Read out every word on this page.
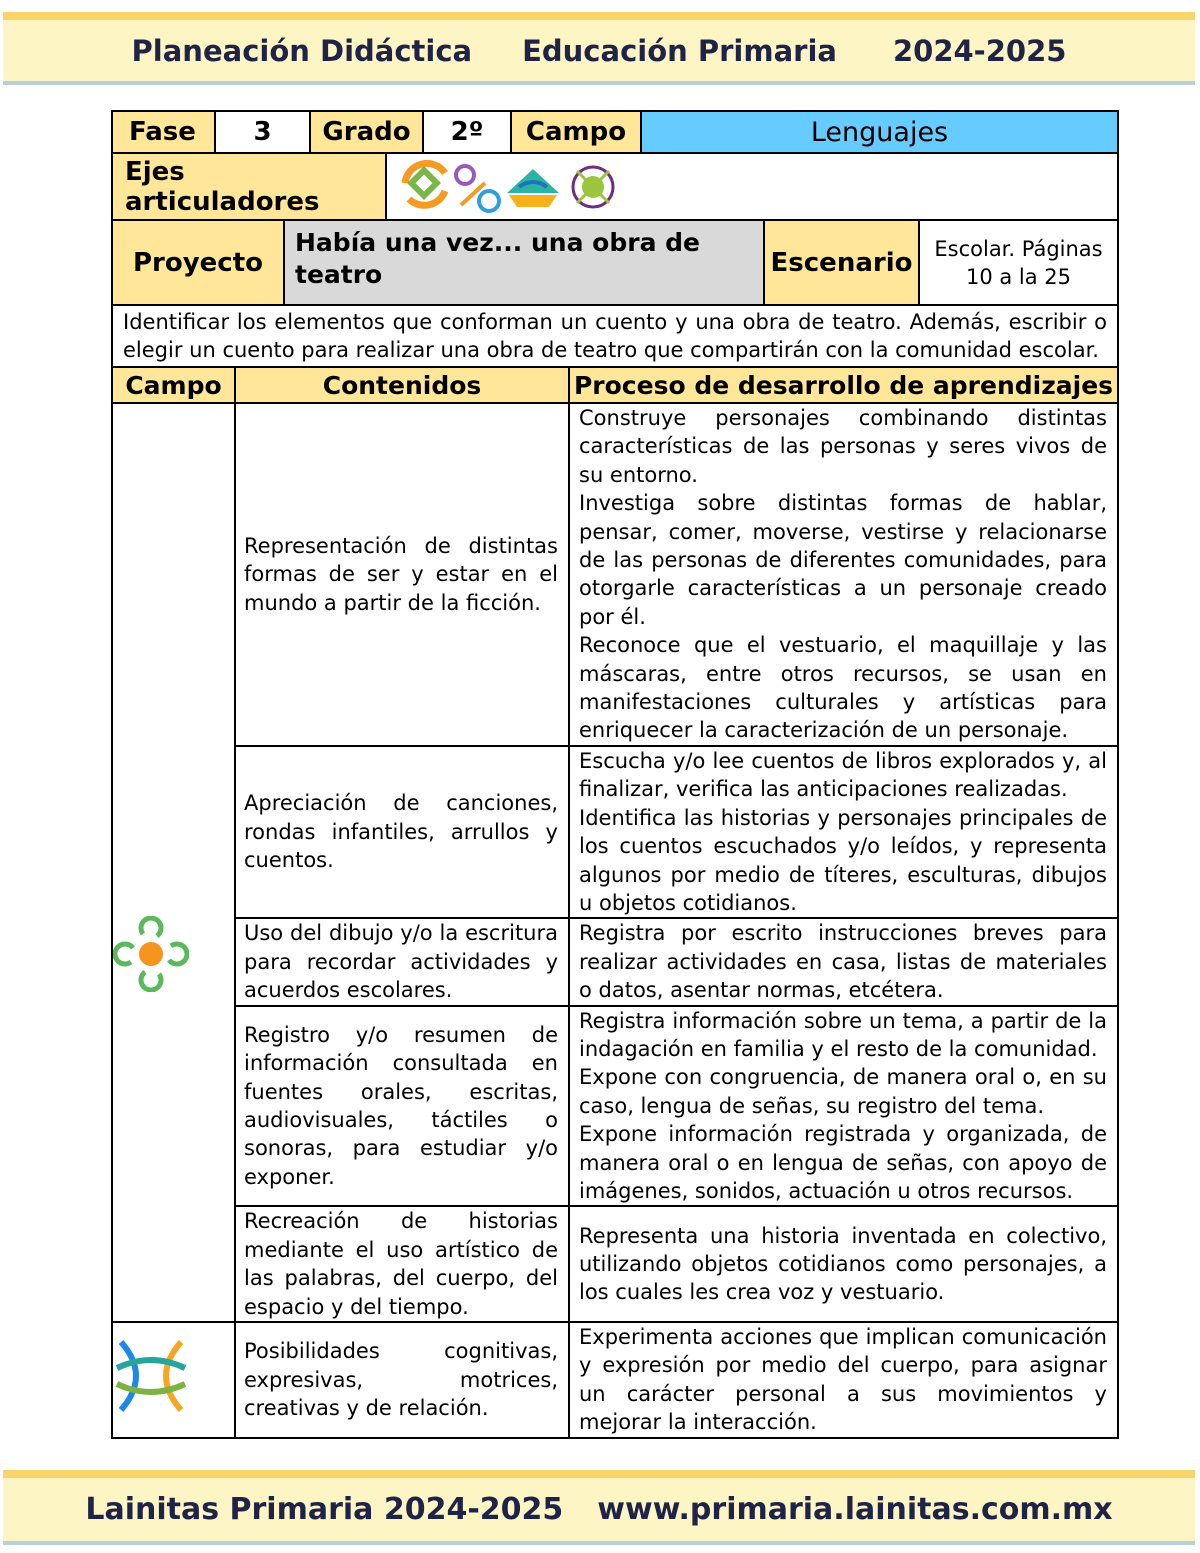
Planeación Didáctica Educación Primaria 2024-2025
Fase	3	Grado	2º	Campo	Lenguajes
Ejes articuladores	
Proyecto	Había una vez... una obra de teatro	Escenario	Escolar. Páginas 10 a la 25
Identificar los elementos que conforman un cuento y una obra de teatro. Además, escribir o elegir un cuento para realizar una obra de teatro que compartirán con la comunidad escolar.
Campo	Contenidos	Proceso de desarrollo de aprendizajes
	Representación de distintas formas de ser y estar en el mundo a partir de la ficción.	Construye personajes combinando distintas características de las personas y seres vivos de su entorno.
Investiga sobre distintas formas de hablar, pensar, comer, moverse, vestirse y relacionarse de las personas de diferentes comunidades, para otorgarle características a un personaje creado por él.
Reconoce que el vestuario, el maquillaje y las máscaras, entre otros recursos, se usan en manifestaciones culturales y artísticas para enriquecer la caracterización de un personaje.

	Apreciación de canciones, rondas infantiles, arrullos y cuentos.	Escucha y/o lee cuentos de libros explorados y, al finalizar, verifica las anticipaciones realizadas.
Identifica las historias y personajes principales de los cuentos escuchados y/o leídos, y representa algunos por medio de títeres, esculturas, dibujos u objetos cotidianos.

	Uso del dibujo y/o la escritura para recordar actividades y acuerdos escolares.	Registra por escrito instrucciones breves para realizar actividades en casa, listas de materiales o datos, asentar normas, etcétera.

	Registro y/o resumen de información consultada en fuentes orales, escritas, audiovisuales, táctiles o sonoras, para estudiar y/o exponer.	Registra información sobre un tema, a partir de la indagación en familia y el resto de la comunidad.
Expone con congruencia, de manera oral o, en su caso, lengua de señas, su registro del tema.
Expone información registrada y organizada, de manera oral o en lengua de señas, con apoyo de imágenes, sonidos, actuación u otros recursos.

	Recreación de historias mediante el uso artístico de las palabras, del cuerpo, del espacio y del tiempo.	Representa una historia inventada en colectivo, utilizando objetos cotidianos como personajes, a los cuales les crea voz y vestuario.

	Posibilidades cognitivas, expresivas, motrices, creativas y de relación.	Experimenta acciones que implican comunicación y expresión por medio del cuerpo, para asignar un carácter personal a sus movimientos y mejorar la interacción.
Lainitas Primaria 2024-2025 www.primaria.lainitas.com.mx
